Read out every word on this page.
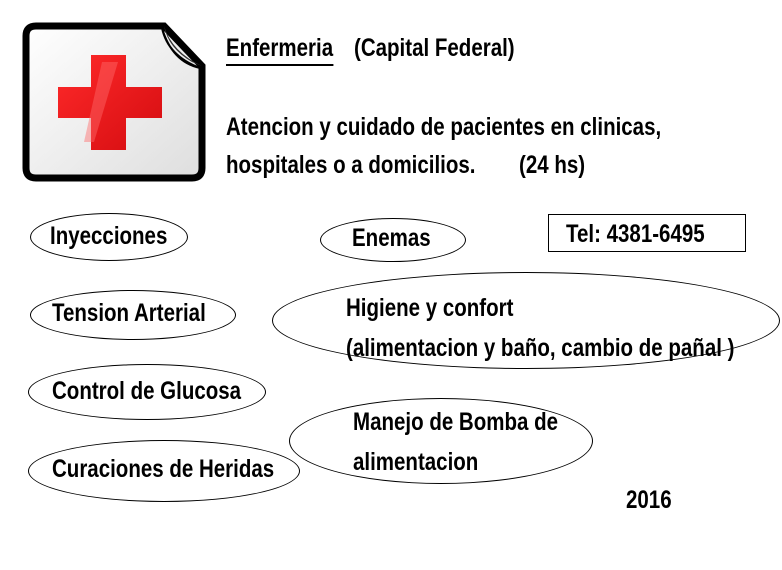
Enfermeria (Capital Federal)
Atencion y cuidado de pacientes en clinicas,
hospitales o a domicilios.	(24 hs)
Tel: 4381-6495
Inyecciones	Enemas
Tension Arterial	Higiene y confort
(alimentacion y baño, cambio de pañal )
Control de Glucosa
Manejo de Bomba de
alimentacion
Curaciones de Heridas
2016
